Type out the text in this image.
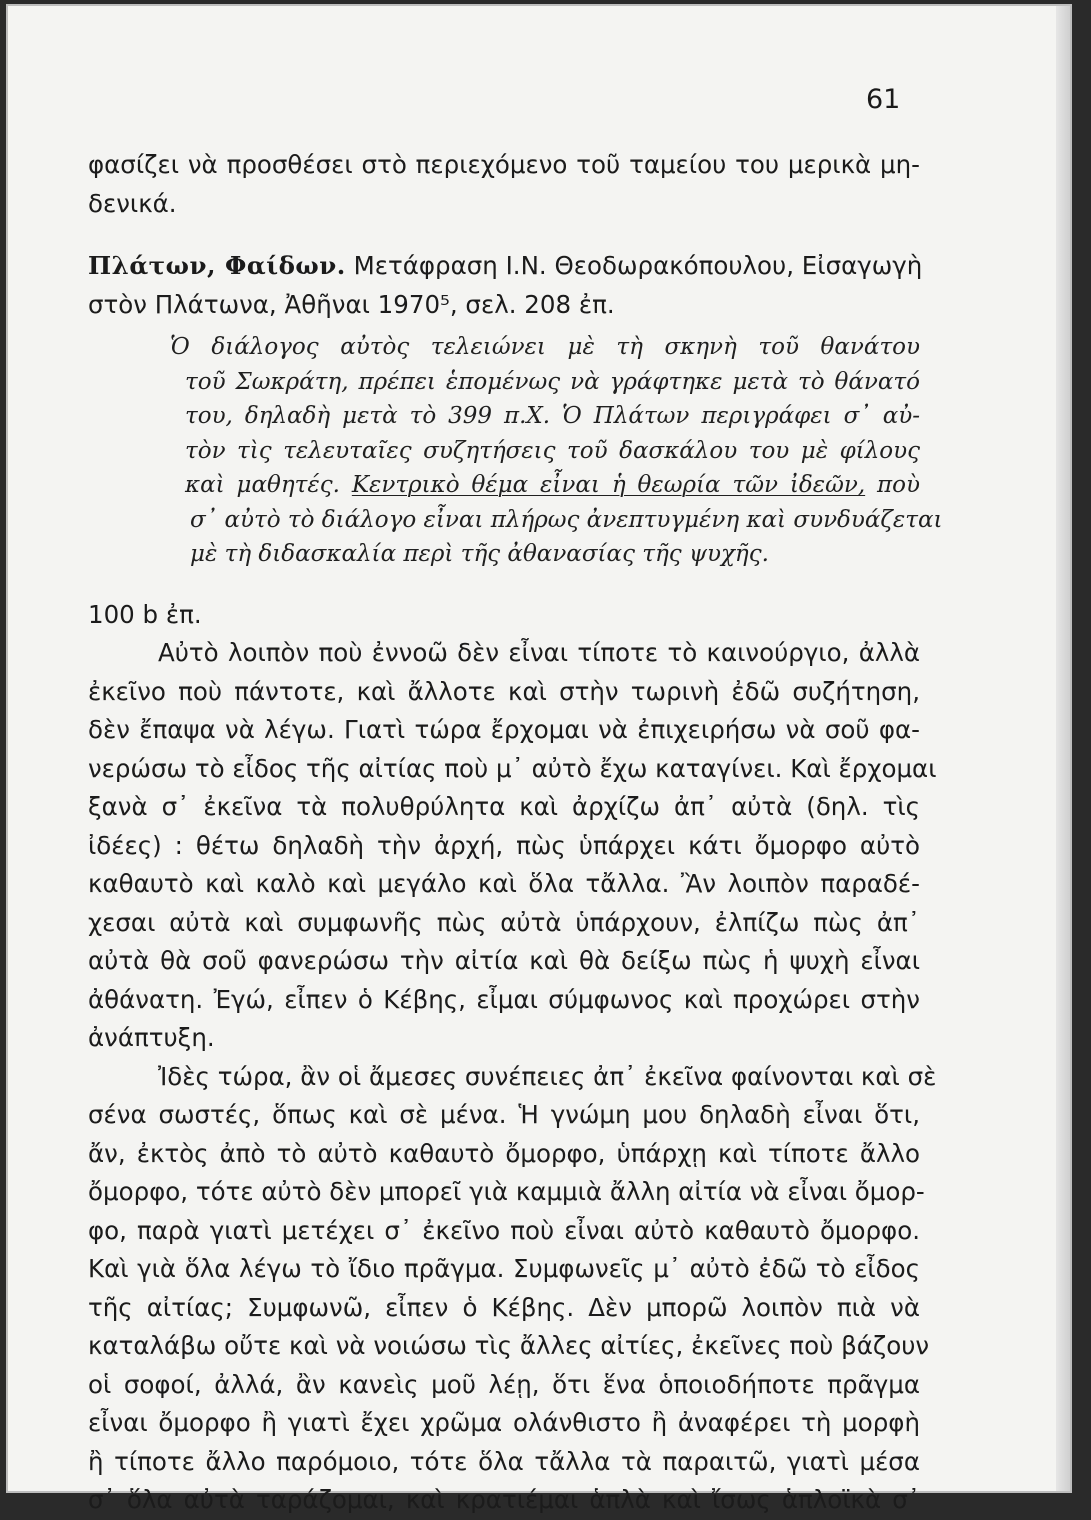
61
φασίζει νὰ προσθέσει στὸ περιεχόμενο τοῦ ταμείου του μερικὰ μη-
δενικά.
Πλάτων, Φαίδων. Μετάφραση Ι.Ν. Θεοδωρακόπουλου, Εἰσαγωγὴ
στὸν Πλάτωνα, Ἀθῆναι 1970⁵, σελ. 208 ἐπ.
Ὁ διάλογος αὐτὸς τελειώνει μὲ τὴ σκηνὴ τοῦ θανάτου
τοῦ Σωκράτη, πρέπει ἑπομένως νὰ γράφτηκε μετὰ τὸ θάνατό
του, δηλαδὴ μετὰ τὸ 399 π.Χ. Ὁ Πλάτων περιγράφει σ᾽ αὐ-
τὸν τὶς τελευταῖες συζητήσεις τοῦ δασκάλου του μὲ φίλους
καὶ μαθητές. Κεντρικὸ θέμα εἶναι ἡ θεωρία τῶν ἰδεῶν, ποὺ
σ᾽ αὐτὸ τὸ διάλογο εἶναι πλήρως ἀνεπτυγμένη καὶ συνδυάζεται
μὲ τὴ διδασκαλία περὶ τῆς ἀθανασίας τῆς ψυχῆς.
100 b ἐπ.
Αὐτὸ λοιπὸν ποὺ ἐννοῶ δὲν εἶναι τίποτε τὸ καινούργιο, ἀλλὰ
ἐκεῖνο ποὺ πάντοτε, καὶ ἄλλοτε καὶ στὴν τωρινὴ ἐδῶ συζήτηση,
δὲν ἔπαψα νὰ λέγω. Γιατὶ τώρα ἔρχομαι νὰ ἐπιχειρήσω νὰ σοῦ φα-
νερώσω τὸ εἶδος τῆς αἰτίας ποὺ μ᾽ αὐτὸ ἔχω καταγίνει. Καὶ ἔρχομαι
ξανὰ σ᾽ ἐκεῖνα τὰ πολυθρύλητα καὶ ἀρχίζω ἀπ᾽ αὐτὰ (δηλ. τὶς
ἰδέες) : θέτω δηλαδὴ τὴν ἀρχή, πὼς ὑπάρχει κάτι ὄμορφο αὐτὸ
καθαυτὸ καὶ καλὸ καὶ μεγάλο καὶ ὅλα τἄλλα. Ἂν λοιπὸν παραδέ-
χεσαι αὐτὰ καὶ συμφωνῆς πὼς αὐτὰ ὑπάρχουν, ἐλπίζω πὼς ἀπ᾽
αὐτὰ θὰ σοῦ φανερώσω τὴν αἰτία καὶ θὰ δείξω πὼς ἡ ψυχὴ εἶναι
ἀθάνατη. Ἐγώ, εἶπεν ὁ Κέβης, εἶμαι σύμφωνος καὶ προχώρει στὴν
ἀνάπτυξη.
Ἰδὲς τώρα, ἂν οἱ ἄμεσες συνέπειες ἀπ᾽ ἐκεῖνα φαίνονται καὶ σὲ
σένα σωστές, ὅπως καὶ σὲ μένα. Ἡ γνώμη μου δηλαδὴ εἶναι ὅτι,
ἄν, ἐκτὸς ἀπὸ τὸ αὐτὸ καθαυτὸ ὄμορφο, ὑπάρχῃ καὶ τίποτε ἄλλο
ὄμορφο, τότε αὐτὸ δὲν μπορεῖ γιὰ καμμιὰ ἄλλη αἰτία νὰ εἶναι ὄμορ-
φο, παρὰ γιατὶ μετέχει σ᾽ ἐκεῖνο ποὺ εἶναι αὐτὸ καθαυτὸ ὄμορφο.
Καὶ γιὰ ὅλα λέγω τὸ ἴδιο πρᾶγμα. Συμφωνεῖς μ᾽ αὐτὸ ἐδῶ τὸ εἶδος
τῆς αἰτίας; Συμφωνῶ, εἶπεν ὁ Κέβης. Δὲν μπορῶ λοιπὸν πιὰ νὰ
καταλάβω οὔτε καὶ νὰ νοιώσω τὶς ἄλλες αἰτίες, ἐκεῖνες ποὺ βάζουν
οἱ σοφοί, ἀλλά, ἂν κανεὶς μοῦ λέῃ, ὅτι ἕνα ὁποιοδήποτε πρᾶγμα
εἶναι ὄμορφο ἢ γιατὶ ἔχει χρῶμα ολάνθιστο ἢ ἀναφέρει τὴ μορφὴ
ἢ τίποτε ἄλλο παρόμοιο, τότε ὅλα τἄλλα τὰ παραιτῶ, γιατὶ μέσα
σ᾽ ὅλα αὐτὰ ταράζομαι, καὶ κρατιέμαι ἁπλὰ καὶ ἴσως ἁπλοϊκὰ σ᾽
